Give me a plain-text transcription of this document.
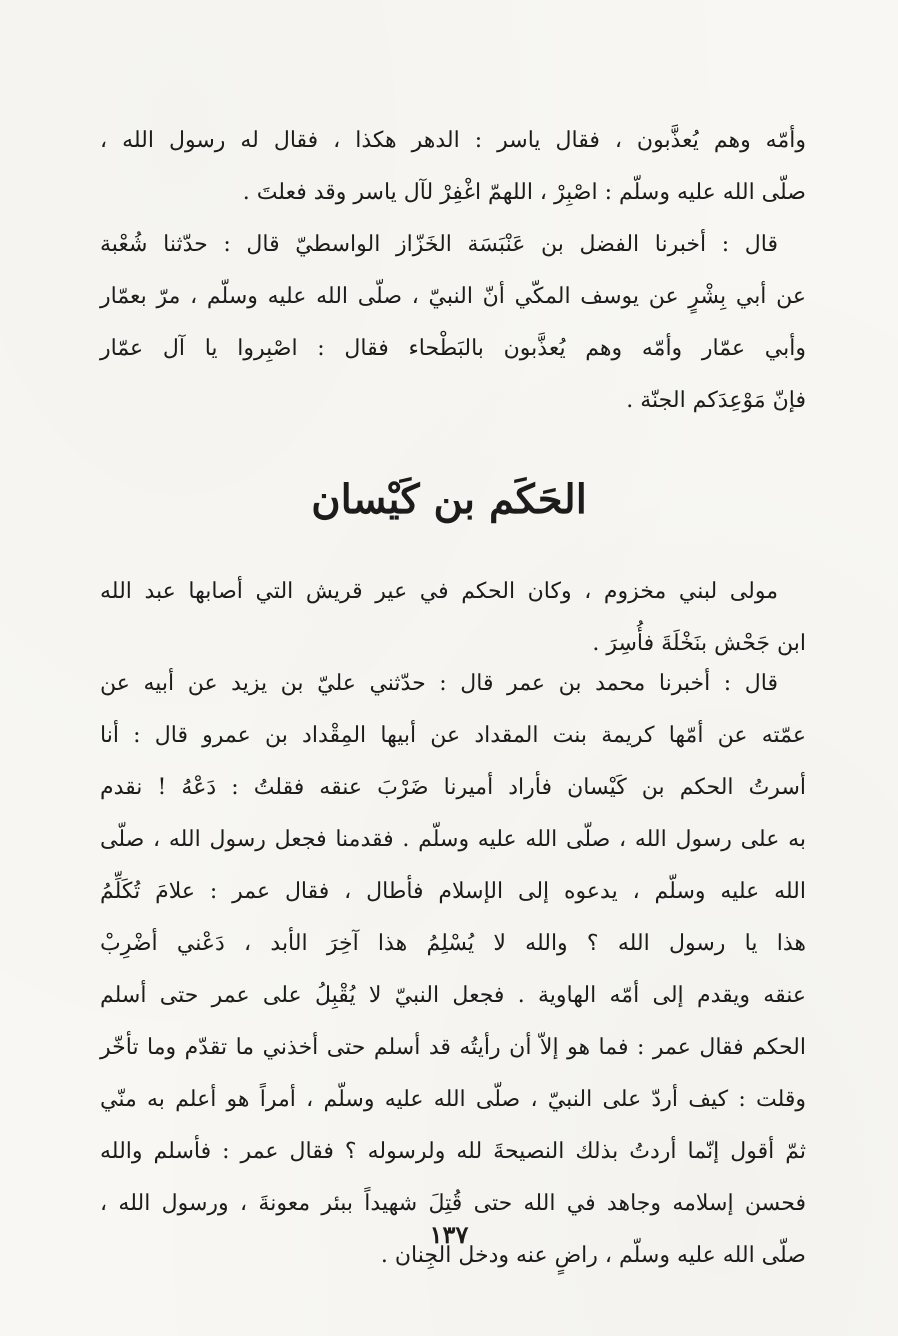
وأمّه وهم يُعذَّبون ، فقال ياسر : الدهر هكذا ، فقال له رسول الله ،
صلّى الله عليه وسلّم : اصْبِرْ ، اللهمّ اغْفِرْ لآل ياسر وقد فعلتَ .
قال : أخبرنا الفضل بن عَنْبَسَة الخَزّاز الواسطيّ قال : حدّثنا شُعْبة
عن أبي بِشْرٍ عن يوسف المكّي أنّ النبيّ ، صلّى الله عليه وسلّم ، مرّ بعمّار
وأبي عمّار وأمّه وهم يُعذَّبون بالبَطْحاء فقال : اصْبِروا يا آل عمّار
فإنّ مَوْعِدَكم الجنّة .
الحَكَم بن كَيْسان
مولى لبني مخزوم ، وكان الحكم في عير قريش التي أصابها عبد الله
ابن جَحْش بنَخْلَةَ فأُسِرَ .
قال : أخبرنا محمد بن عمر قال : حدّثني عليّ بن يزيد عن أبيه عن
عمّته عن أمّها كريمة بنت المقداد عن أبيها المِقْداد بن عمرو قال : أنا
أسرتُ الحكم بن كَيْسان فأراد أميرنا ضَرْبَ عنقه فقلتُ : دَعْهُ ! نقدم
به على رسول الله ، صلّى الله عليه وسلّم . فقدمنا فجعل رسول الله ، صلّى
الله عليه وسلّم ، يدعوه إلى الإسلام فأطال ، فقال عمر : علامَ تُكَلِّمُ
هذا يا رسول الله ؟ والله لا يُسْلِمُ هذا آخِرَ الأبد ، دَعْني أضْرِبْ
عنقه ويقدم إلى أمّه الهاوية . فجعل النبيّ لا يُقْبِلُ على عمر حتى أسلم
الحكم فقال عمر : فما هو إلاّ أن رأيتُه قد أسلم حتى أخذني ما تقدّم وما تأخّر
وقلت : كيف أردّ على النبيّ ، صلّى الله عليه وسلّم ، أمراً هو أعلم به منّي
ثمّ أقول إنّما أردتُ بذلك النصيحةَ لله ولرسوله ؟ فقال عمر : فأسلم والله
فحسن إسلامه وجاهد في الله حتى قُتِلَ شهيداً ببئر معونةَ ، ورسول الله ،
صلّى الله عليه وسلّم ، راضٍ عنه ودخل الجِنان .
١٣٧
